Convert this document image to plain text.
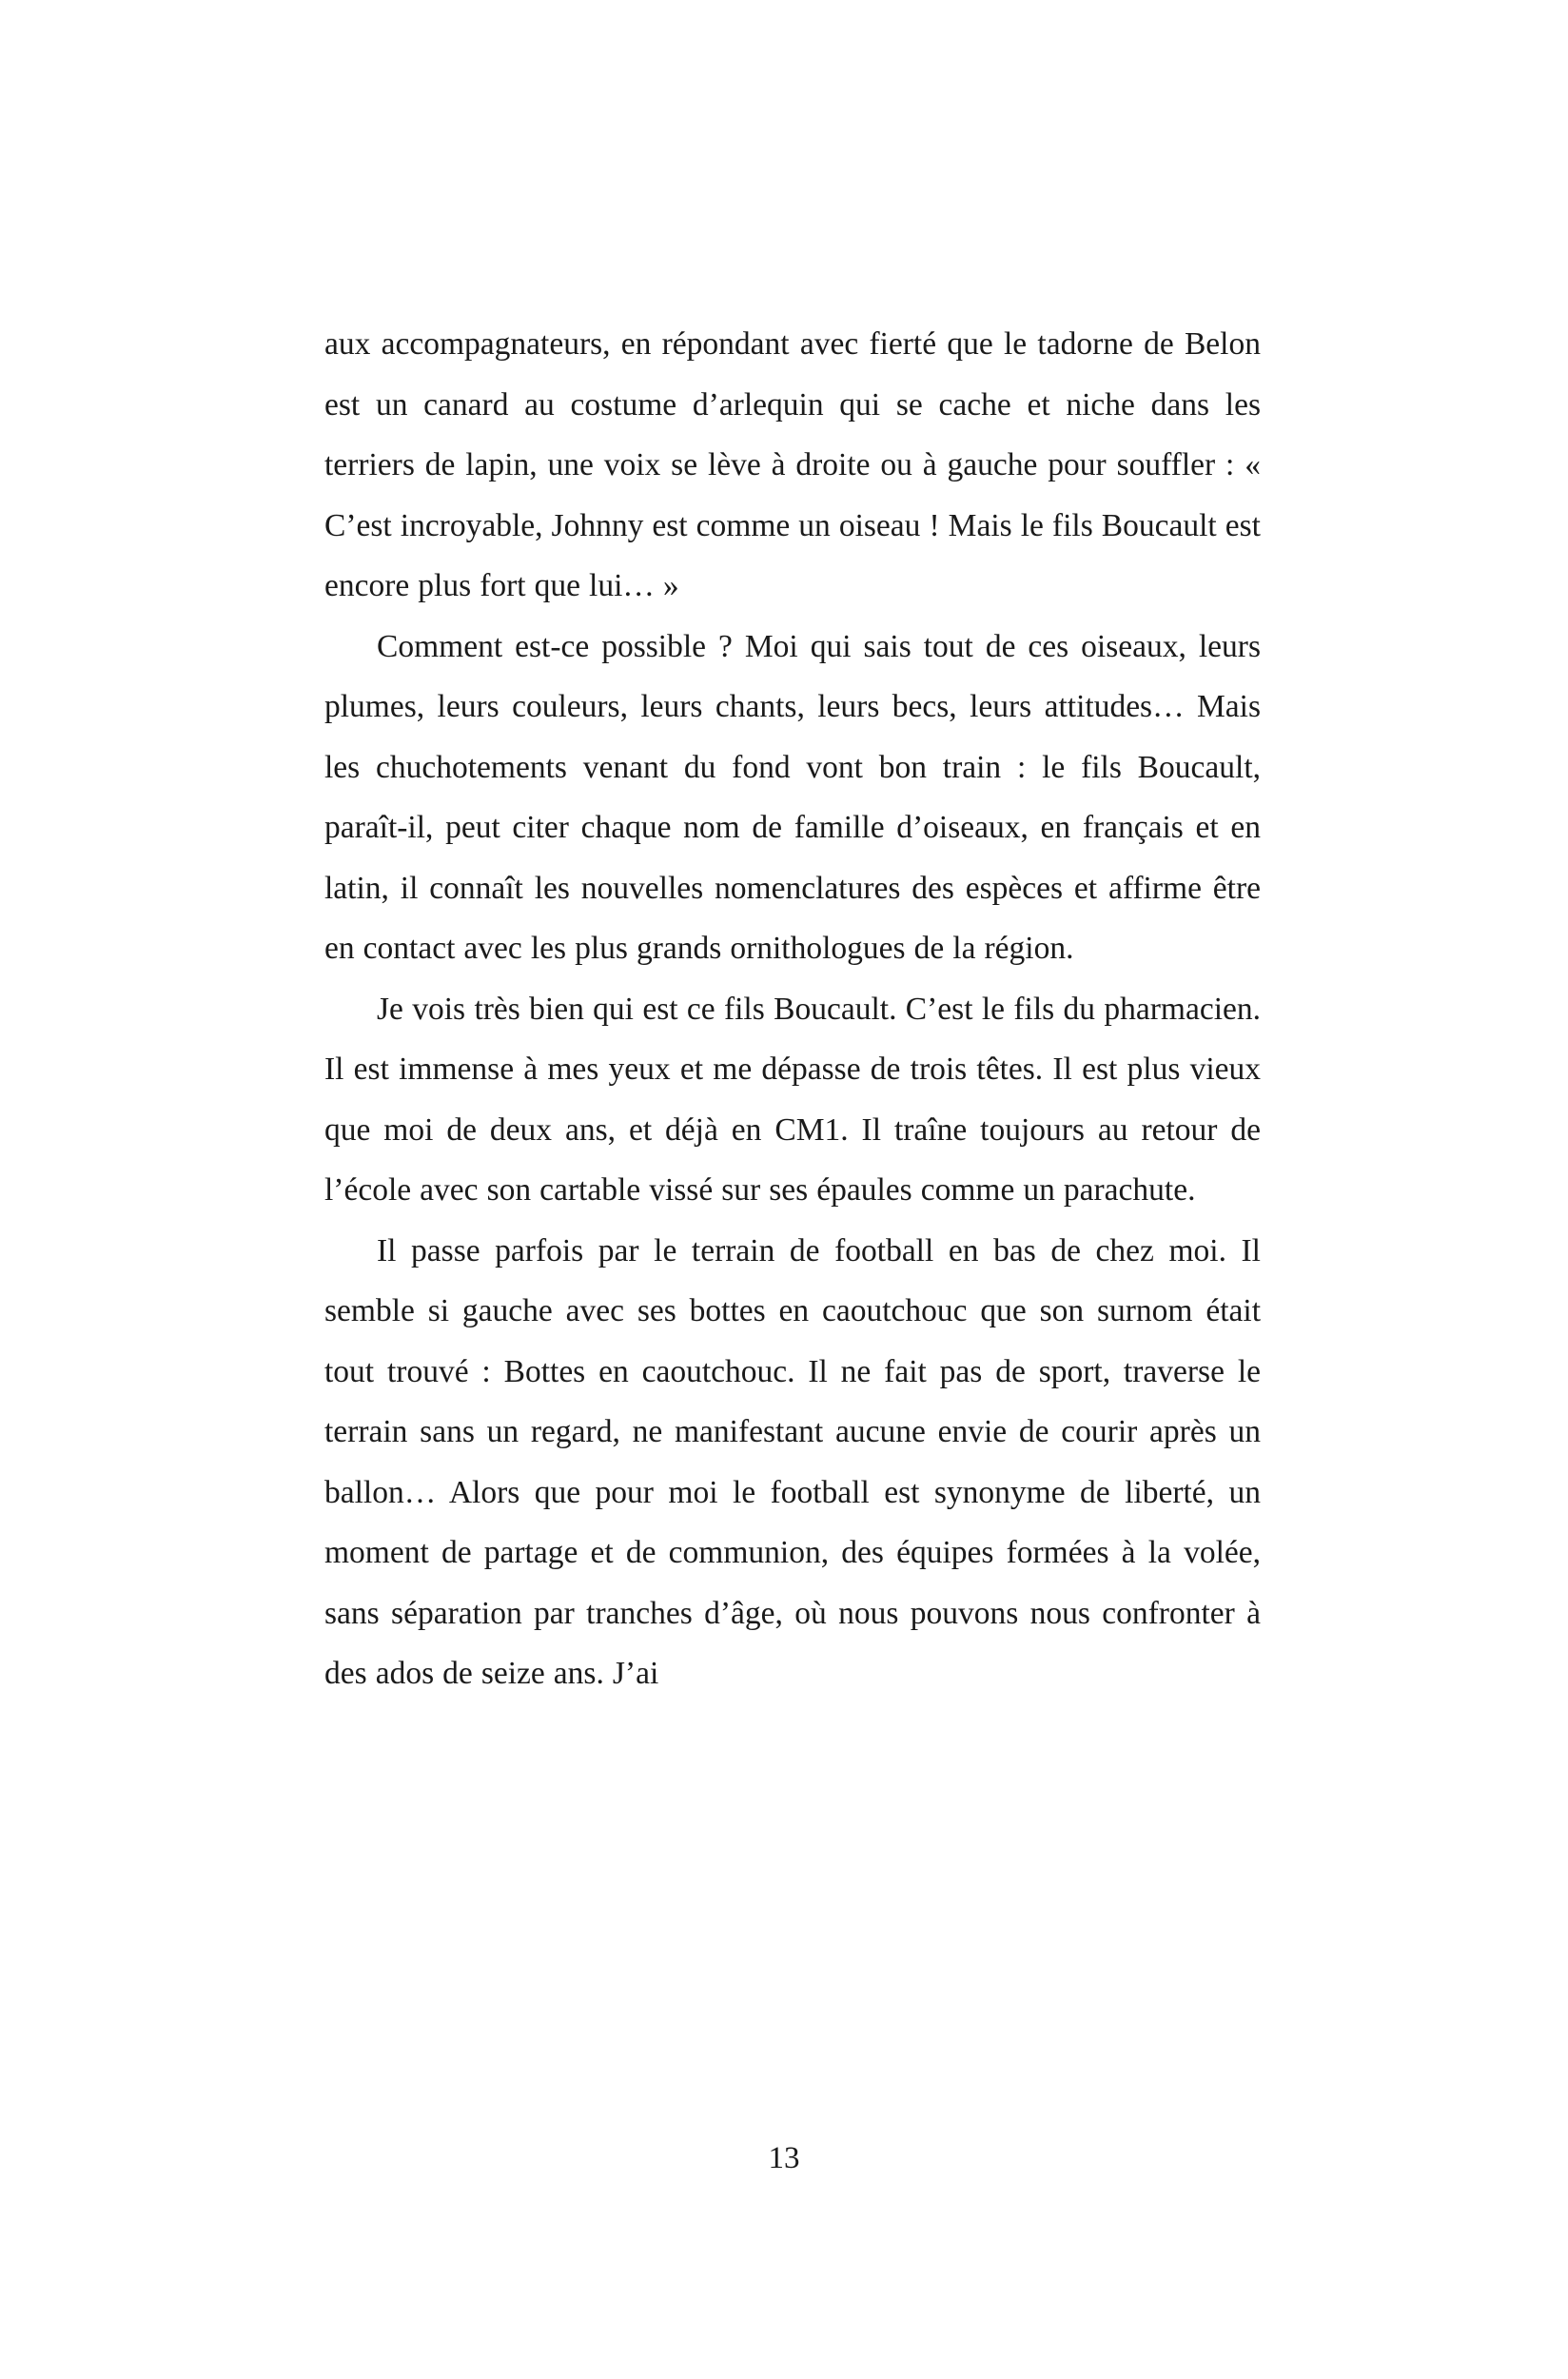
aux accompagnateurs, en répondant avec fierté que le tadorne de Belon est un canard au costume d’arlequin qui se cache et niche dans les terriers de lapin, une voix se lève à droite ou à gauche pour souffler : « C’est incroyable, Johnny est comme un oiseau ! Mais le fils Boucault est encore plus fort que lui… »

Comment est-ce possible ? Moi qui sais tout de ces oiseaux, leurs plumes, leurs couleurs, leurs chants, leurs becs, leurs attitudes… Mais les chuchotements venant du fond vont bon train : le fils Boucault, paraît-il, peut citer chaque nom de famille d’oiseaux, en français et en latin, il connaît les nouvelles nomenclatures des espèces et affirme être en contact avec les plus grands ornithologues de la région.

Je vois très bien qui est ce fils Boucault. C’est le fils du pharmacien. Il est immense à mes yeux et me dépasse de trois têtes. Il est plus vieux que moi de deux ans, et déjà en CM1. Il traîne toujours au retour de l’école avec son cartable vissé sur ses épaules comme un parachute.

Il passe parfois par le terrain de football en bas de chez moi. Il semble si gauche avec ses bottes en caoutchouc que son surnom était tout trouvé : Bottes en caoutchouc. Il ne fait pas de sport, traverse le terrain sans un regard, ne manifestant aucune envie de courir après un ballon… Alors que pour moi le football est synonyme de liberté, un moment de partage et de communion, des équipes formées à la volée, sans séparation par tranches d’âge, où nous pouvons nous confronter à des ados de seize ans. J’ai

13
